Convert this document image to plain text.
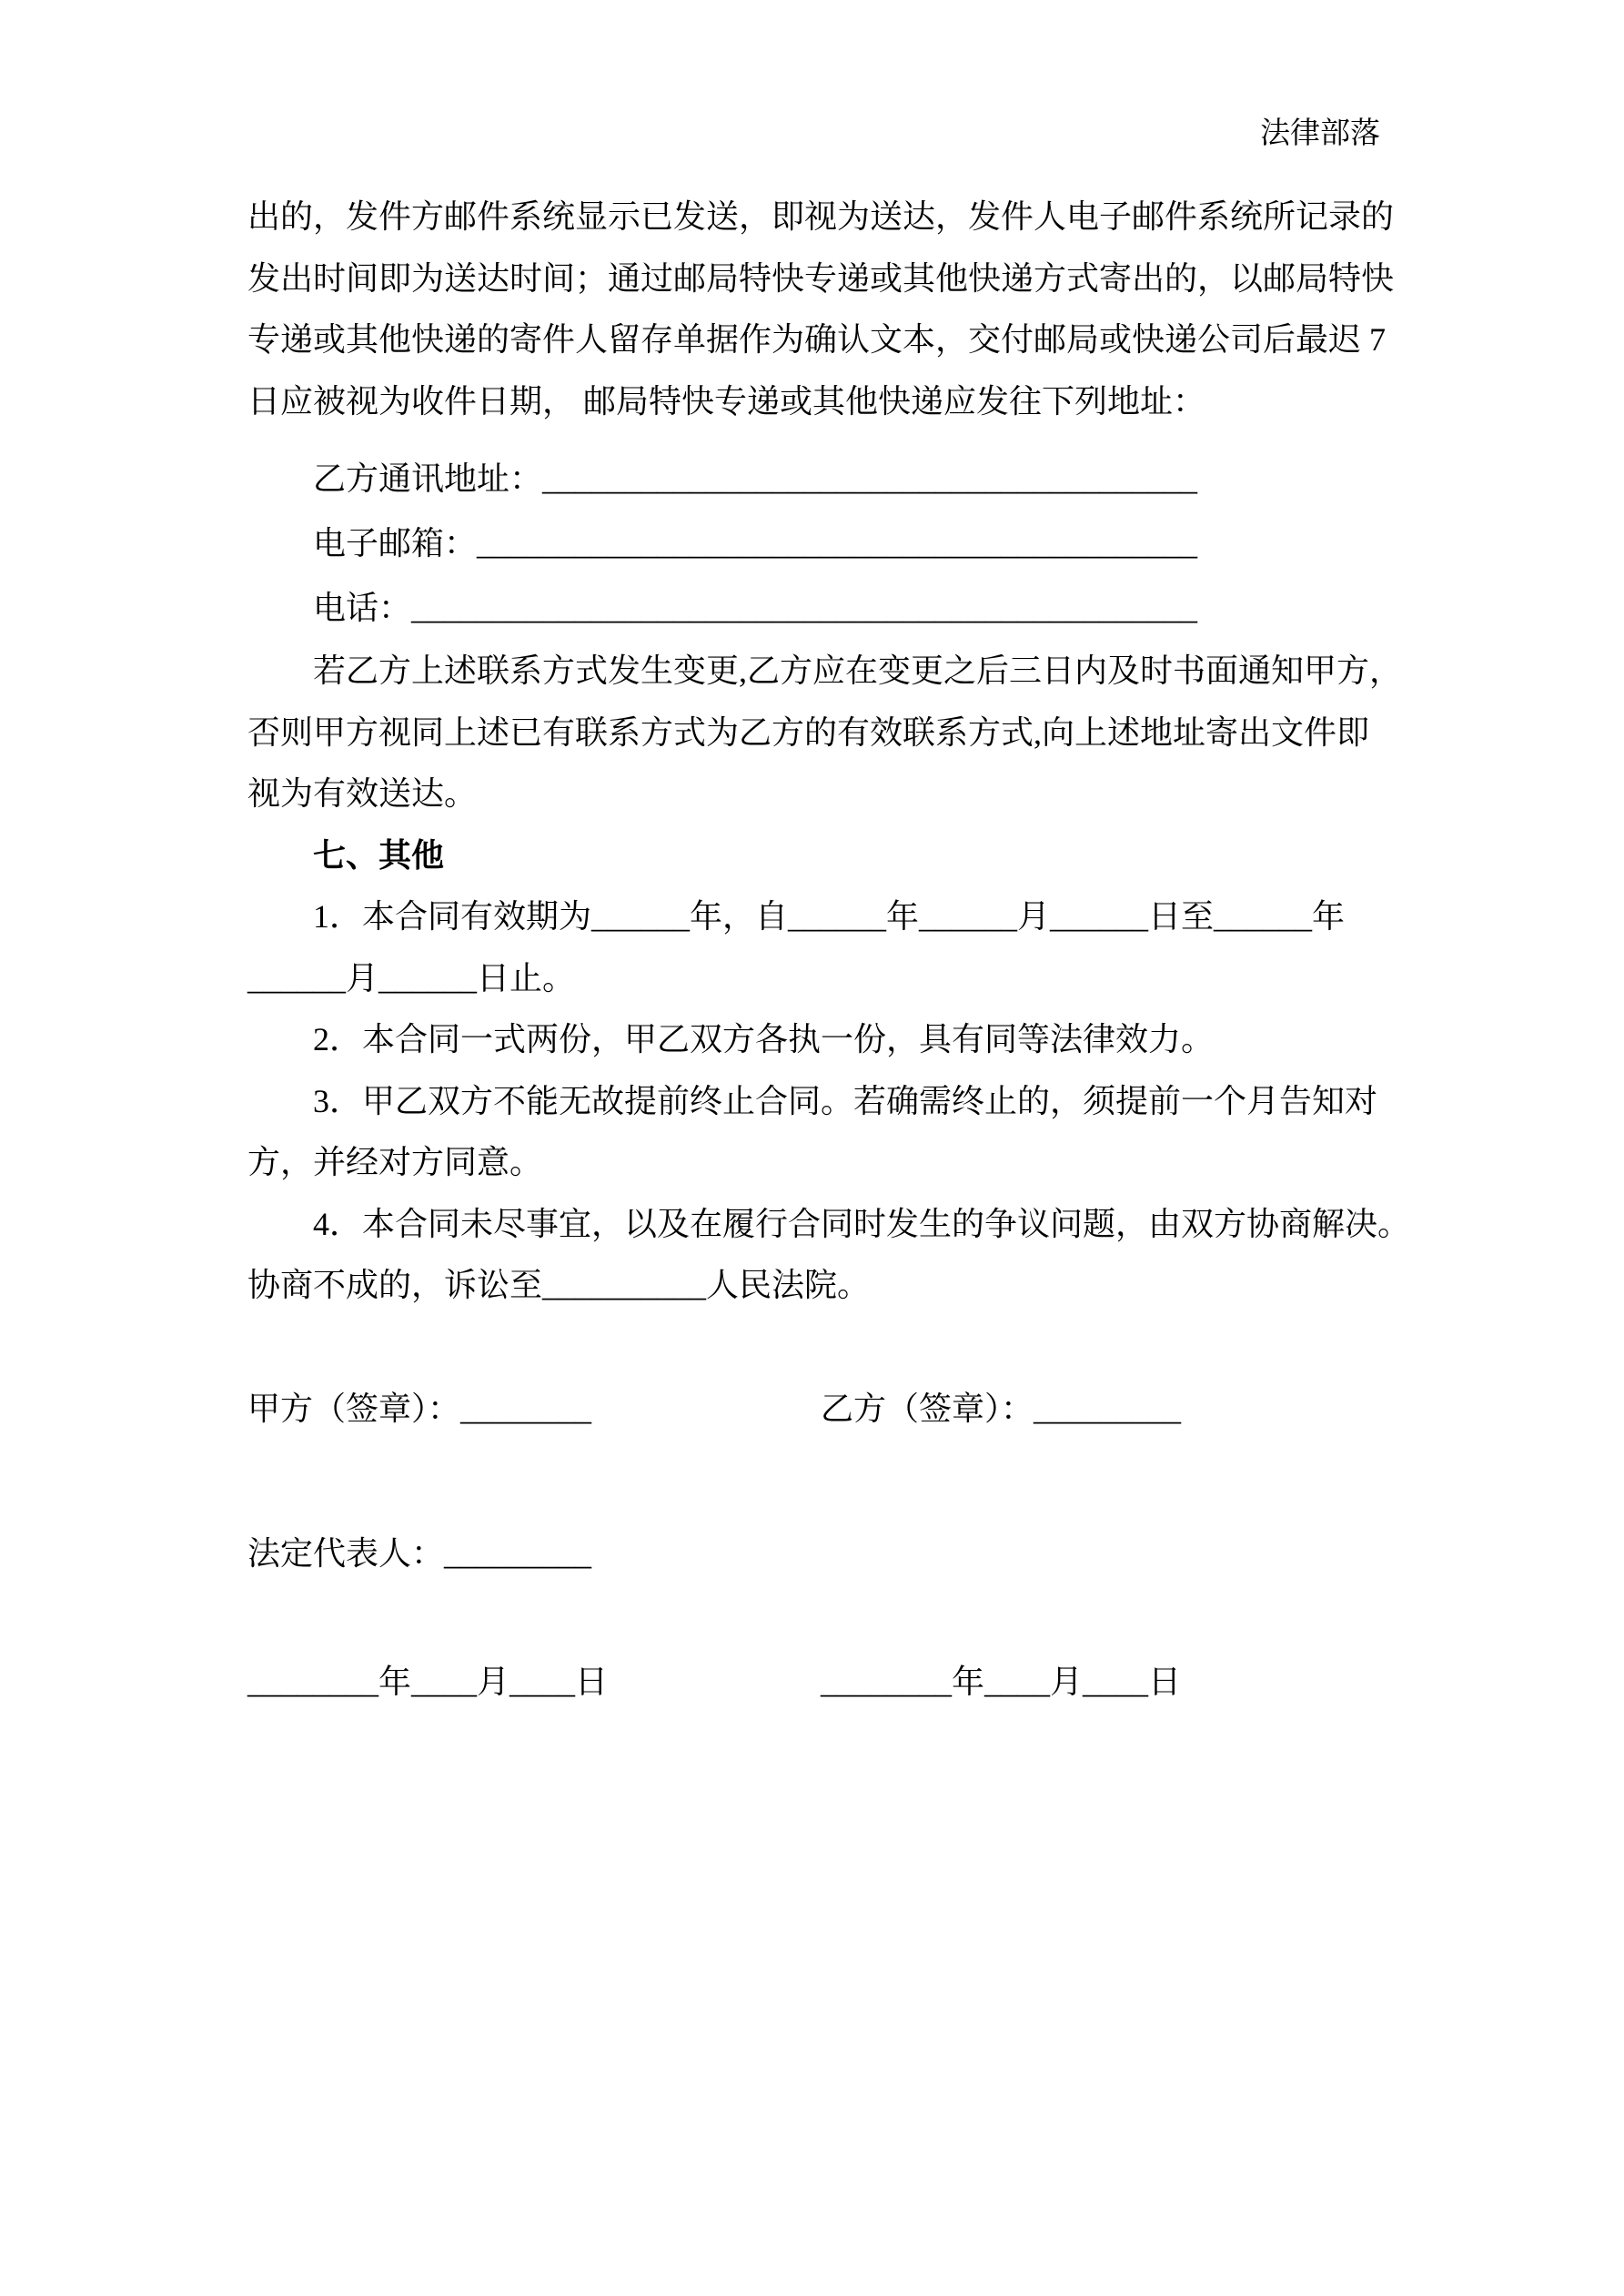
法律部落
出的，发件方邮件系统显示已发送，即视为送达，发件人电子邮件系统所记录的
发出时间即为送达时间；通过邮局特快专递或其他快递方式寄出的，以邮局特快
专递或其他快递的寄件人留存单据作为确认文本，交付邮局或快递公司后最迟 7
日应被视为收件日期， 邮局特快专递或其他快递应发往下列地址：
乙方通讯地址：________________________________________
电子邮箱：____________________________________________
电话：________________________________________________
若乙方上述联系方式发生变更,乙方应在变更之后三日内及时书面通知甲方，
否则甲方视同上述已有联系方式为乙方的有效联系方式,向上述地址寄出文件即
视为有效送达。
七、其他
1．本合同有效期为______年，自______年______月______日至______年
______月______日止。
2．本合同一式两份，甲乙双方各执一份，具有同等法律效力。
3．甲乙双方不能无故提前终止合同。若确需终止的，须提前一个月告知对
方，并经对方同意。
4．本合同未尽事宜，以及在履行合同时发生的争议问题，由双方协商解决。
协商不成的，诉讼至__________人民法院。
甲方（签章）：________	乙方（签章）：_________
法定代表人：_________
________年____月____日	________年____月____日
